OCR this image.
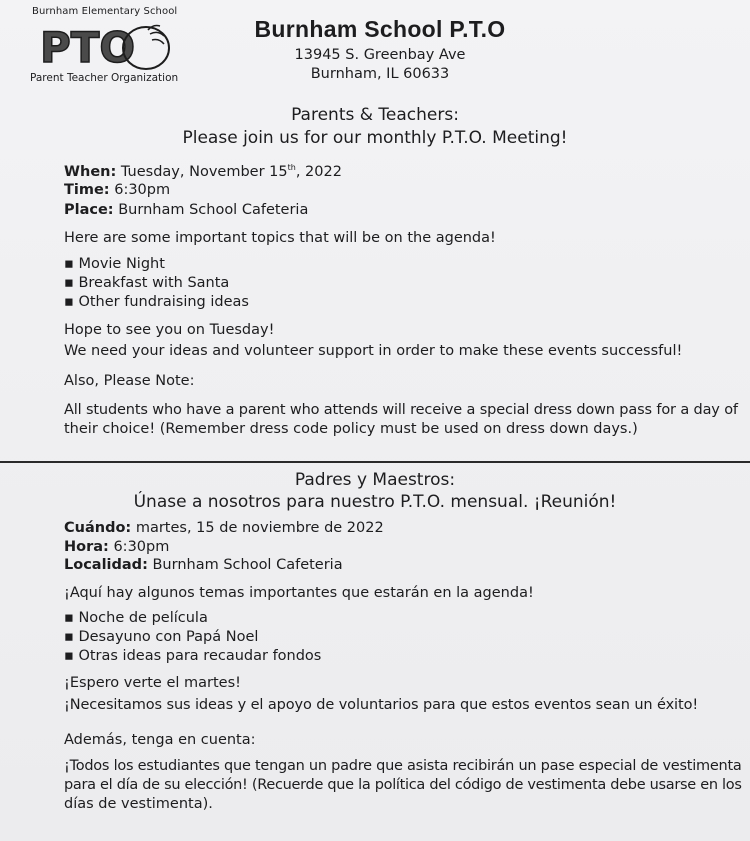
Burnham Elementary School
PTO
Parent Teacher Organization
Burnham School P.T.O
13945 S. Greenbay Ave
Burnham, IL 60633
Parents & Teachers:
Please join us for our monthly P.T.O. Meeting!
When: Tuesday, November 15th, 2022
Time: 6:30pm
Place: Burnham School Cafeteria
Here are some important topics that will be on the agenda!
▪ Movie Night
▪ Breakfast with Santa
▪ Other fundraising ideas
Hope to see you on Tuesday!
We need your ideas and volunteer support in order to make these events successful!
Also, Please Note:
All students who have a parent who attends will receive a special dress down pass for a day of
their choice! (Remember dress code policy must be used on dress down days.)
Padres y Maestros:
Únase a nosotros para nuestro P.T.O. mensual. ¡Reunión!
Cuándo: martes, 15 de noviembre de 2022
Hora: 6:30pm
Localidad: Burnham School Cafeteria
¡Aquí hay algunos temas importantes que estarán en la agenda!
▪ Noche de película
▪ Desayuno con Papá Noel
▪ Otras ideas para recaudar fondos
¡Espero verte el martes!
¡Necesitamos sus ideas y el apoyo de voluntarios para que estos eventos sean un éxito!
Además, tenga en cuenta:
¡Todos los estudiantes que tengan un padre que asista recibirán un pase especial de vestimenta
para el día de su elección! (Recuerde que la política del código de vestimenta debe usarse en los
días de vestimenta).
